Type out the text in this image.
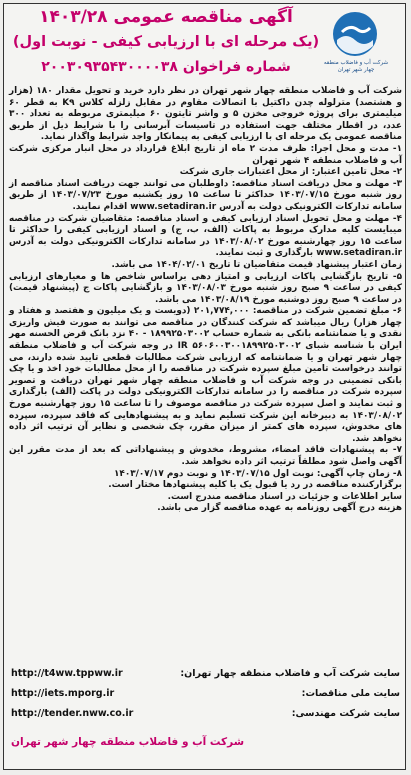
شرکت آب و فاضلاب منطقه چهار شهر تهران
آگهی مناقصه عمومی ۱۴۰۳/۲۸
(یک مرحله ای با ارزیابی کیفی - نوبت اول)
شماره فراخوان ۲۰۰۳۰۹۳۵۴۳۰۰۰۰۳۸

شرکت آب و فاضلاب منطقه چهار شهر تهران در نظر دارد خرید و تحویل مقدار ۱۸۰ (هزار و هشتصد) مترلوله چدن داکتیل با اتصالات مقاوم در مقابل زلزله کلاس K۹ به قطر ۶۰ میلیمتری برای پروژه خروجی مخزن ۵ و واشر تایتون ۶۰ میلیمتری مربوطه به تعداد ۳۰۰ عدد، در اقطار مختلف جهت استفاده در تاسیسات آبرسانی را با شرایط ذیل از طریق مناقصه عمومی یک مرحله ای با ارزیابی کیفی به پیمانکار واجد شرایط واگذار نماید.

۱- مدت و محل اجرا: ظرف مدت ۲ ماه از تاریخ ابلاغ قرارداد در محل انبار مرکزی شرکت آب و فاضلاب منطقه ۴ شهر تهران

۲- محل تامین اعتبار: از محل اعتبارات جاری شرکت

۳- مهلت و محل دریافت اسناد مناقصه: داوطلبان می توانند جهت دریافت اسناد مناقصه از روز شنبه مورخ ۱۴۰۳/۰۷/۱۵ حداکثر تا ساعت ۱۵ روز یکشنبه مورخ ۱۴۰۳/۰۷/۲۳ از طریق سامانه تدارکات الکترونیکی دولت به آدرس www.setadiran.ir اقدام نمایند.

۴- مهلت و محل تحویل اسناد ارزیابی کیفی و اسناد مناقصه: متقاضیان شرکت در مناقصه میبایست کلیه مدارک مربوط به پاکات (الف، ب، ج) و اسناد ارزیابی کیفی را حداکثر تا ساعت ۱۵ روز چهارشنبه مورخ ۱۴۰۳/۰۸/۰۲ در سامانه تدارکات الکترونیکی دولت به آدرس www.setadiran.ir بارگذاری و ثبت نمایند.

زمان اعتبار پیشنهاد قیمت متقاضیان تا تاریخ ۱۴۰۴/۰۲/۰۱ می باشد.

۵- تاریخ بازگشایی پاکات ارزیابی و امتیاز دهی براساس شاخص ها و معیارهای ارزیابی کیفی در ساعت ۹ صبح روز شنبه مورخ ۱۴۰۳/۰۸/۰۳ و بازگشایی پاکات ج (پیشنهاد قیمت) در ساعت ۹ صبح روز دوشنبه مورخ ۱۴۰۳/۰۸/۱۹ می باشد.

۶- مبلغ تضمین شرکت در مناقصه: ۲۰۱,۷۷۴,۰۰۰ (دویست و یک میلیون و هفتصد و هفتاد و چهار هزار) ریال میباشد که شرکت کنندگان در مناقصه می توانند به صورت فیش واریزی نقدی و یا ضمانتنامه بانکی به شماره حساب ۱۸۹۹۲۵۰۳۰۰۲ - ۴۰ نزد بانک قرض الحسنه مهر ایران با شناسه شبای IR ۵۶۰۶۰۰۳۰۰۱۸۹۹۲۵۰۳۰۰۲ در وجه شرکت آب و فاضلاب منطقه چهار شهر تهران و یا ضمانتنامه که ارزیابی شرکت مطالبات قطعی تایید شده دارند، می توانند درخواست تامین مبلغ سپرده شرکت در مناقصه را از محل مطالبات خود اخذ و یا چک بانکی تضمینی در وجه شرکت آب و فاضلاب منطقه چهار شهر تهران دریافت و تصویر سپرده شرکت در مناقصه را در سامانه تدارکات الکترونیکی دولت در پاکت (الف) بارگذاری و ثبت نمایند و اصل سپرده شرکت در مناقصه موصوف را تا ساعت ۱۵ روز چهارشنبه مورخ ۱۴۰۳/۰۸/۰۲ به دبیرخانه این شرکت تسلیم نماید و به پیشنهادهایی که فاقد سپرده، سپرده های مخدوش، سپرده های کمتر از میزان مقرر، چک شخصی و نظایر آن ترتیب اثر داده نخواهد شد.

۷- به پیشنهادات فاقد امضاء، مشروط، مخدوش و پیشنهاداتی که بعد از مدت مقرر این آگهی واصل شود مطلقاً ترتیب اثر داده نخواهد شد.

۸- زمان چاپ آگهی: نوبت اول ۱۴۰۳/۰۷/۱۵ و نوبت دوم ۱۴۰۳/۰۷/۱۷

برگزارکننده مناقصه در رد یا قبول یک یا کلیه پیشنهادها مختار است.

سایر اطلاعات و جزئیات در اسناد مناقصه مندرج است.

هزینه درج آگهی روزنامه به عهده مناقصه گزار می باشد.

سایت شرکت آب و فاضلاب منطقه چهار تهران:
http://t4ww.tppww.ir
سایت ملی مناقصات:
http://iets.mporg.ir
سایت شرکت مهندسی:
http://tender.nww.co.ir
شرکت آب و فاضلاب منطقه چهار شهر تهران
